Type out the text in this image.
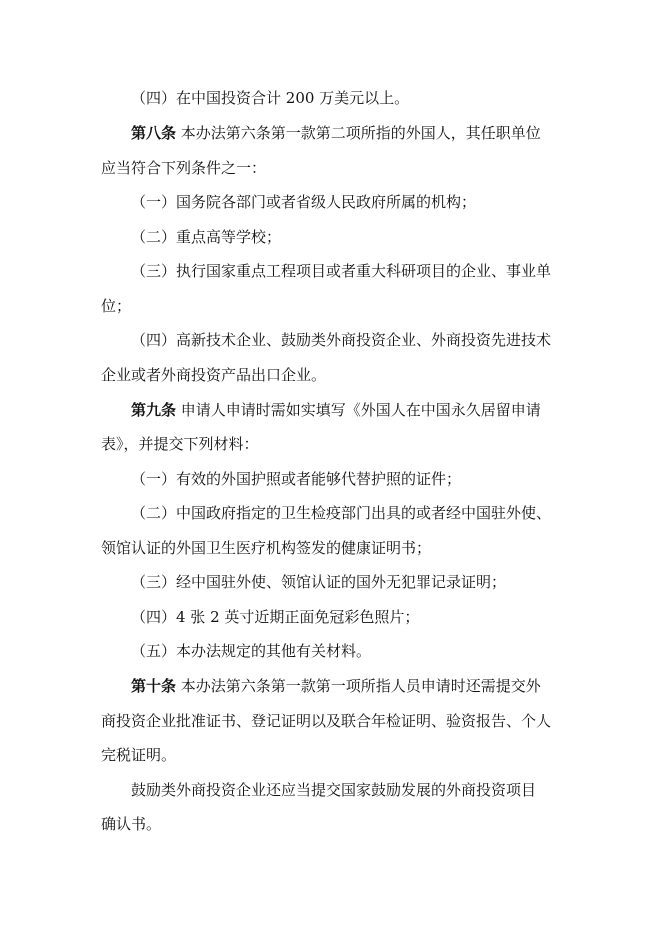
（四）在中国投资合计 200 万美元以上。
第八条 本办法第六条第一款第二项所指的外国人，其任职单位
应当符合下列条件之一：
（一）国务院各部门或者省级人民政府所属的机构；
（二）重点高等学校；
（三）执行国家重点工程项目或者重大科研项目的企业、事业单
位；
（四）高新技术企业、鼓励类外商投资企业、外商投资先进技术
企业或者外商投资产品出口企业。
第九条 申请人申请时需如实填写《外国人在中国永久居留申请
表》，并提交下列材料：
（一）有效的外国护照或者能够代替护照的证件；
（二）中国政府指定的卫生检疫部门出具的或者经中国驻外使、
领馆认证的外国卫生医疗机构签发的健康证明书；
（三）经中国驻外使、领馆认证的国外无犯罪记录证明；
（四）4 张 2 英寸近期正面免冠彩色照片；
（五）本办法规定的其他有关材料。
第十条 本办法第六条第一款第一项所指人员申请时还需提交外
商投资企业批准证书、登记证明以及联合年检证明、验资报告、个人
完税证明。
鼓励类外商投资企业还应当提交国家鼓励发展的外商投资项目
确认书。
